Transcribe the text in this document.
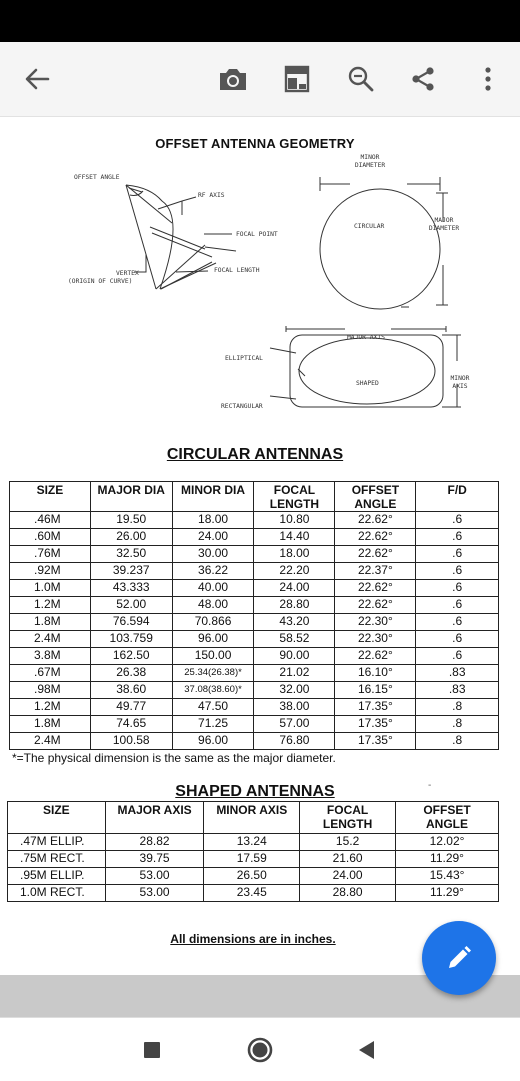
OFFSET ANTENNA GEOMETRY
OFFSET ANGLE
RF AXIS
FOCAL POINT
FOCAL LENGTH
VERTEX
(ORIGIN OF CURVE)
MINOR
DIAMETER
CIRCULAR
MAJOR
DIAMETER
MAJOR AXIS
ELLIPTICAL
SHAPED
RECTANGULAR
MINOR
AXIS
CIRCULAR ANTENNAS
SIZE	MAJOR DIA	MINOR DIA	FOCAL LENGTH	OFFSET ANGLE	F/D
.46M	19.50	18.00	10.80	22.62°	.6
.60M	26.00	24.00	14.40	22.62°	.6
.76M	32.50	30.00	18.00	22.62°	.6
.92M	39.237	36.22	22.20	22.37°	.6
1.0M	43.333	40.00	24.00	22.62°	.6
1.2M	52.00	48.00	28.80	22.62°	.6
1.8M	76.594	70.866	43.20	22.30°	.6
2.4M	103.759	96.00	58.52	22.30°	.6
3.8M	162.50	150.00	90.00	22.62°	.6
.67M	26.38	25.34(26.38)*	21.02	16.10°	.83
.98M	38.60	37.08(38.60)*	32.00	16.15°	.83
1.2M	49.77	47.50	38.00	17.35°	.8
1.8M	74.65	71.25	57.00	17.35°	.8
2.4M	100.58	96.00	76.80	17.35°	.8
*=The physical dimension is the same as the major diameter.
SHAPED ANTENNAS	-
SIZE	MAJOR AXIS	MINOR AXIS	FOCAL LENGTH	OFFSET ANGLE
.47M ELLIP.	28.82	13.24	15.2	12.02°
.75M RECT.	39.75	17.59	21.60	11.29°
.95M ELLIP.	53.00	26.50	24.00	15.43°
1.0M RECT.	53.00	23.45	28.80	11.29°
All dimensions are in inches.
